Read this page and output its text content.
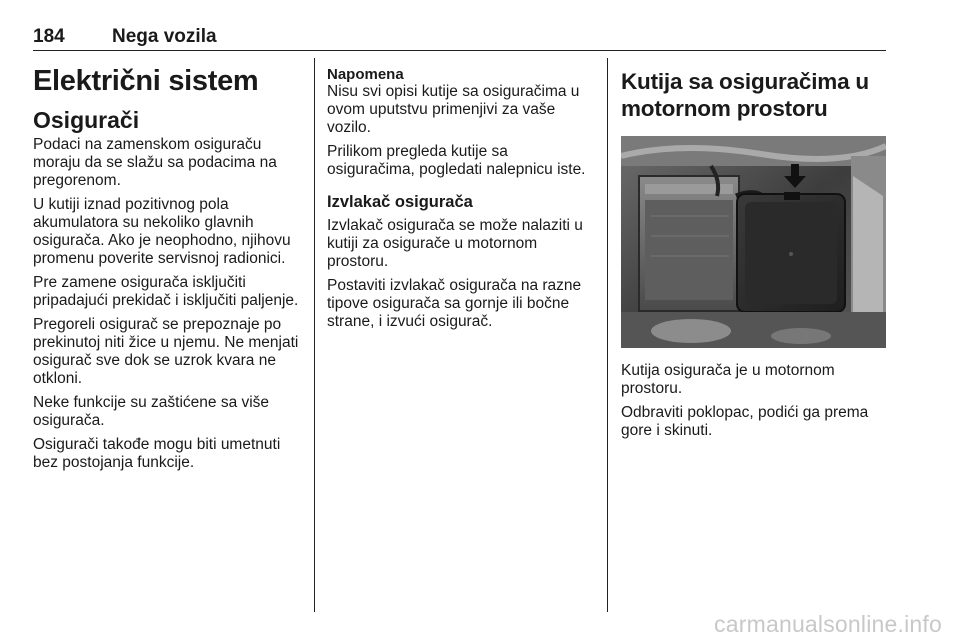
184 Nega vozila
Električni sistem
Osigurači

Podaci na zamenskom osiguraču moraju da se slažu sa podacima na pregorenom.

U kutiji iznad pozitivnog pola akumulatora su nekoliko glavnih osigurača. Ako je neophodno, njihovu promenu poverite servisnoj radionici.

Pre zamene osigurača isključiti pripadajući prekidač i isključiti paljenje.

Pregoreli osigurač se prepoznaje po prekinutoj niti žice u njemu. Ne menjati osigurač sve dok se uzrok kvara ne otkloni.

Neke funkcije su zaštićene sa više osigurača.

Osigurači takođe mogu biti umetnuti bez postojanja funkcije.

Napomena

Nisu svi opisi kutije sa osiguračima u ovom uputstvu primenjivi za vaše vozilo.

Prilikom pregleda kutije sa osiguračima, pogledati nalepnicu iste.

Izvlakač osigurača

Izvlakač osigurača se može nalaziti u kutiji za osigurače u motornom prostoru.

Postaviti izvlakač osigurača na razne tipove osigurača sa gornje ili bočne strane, i izvući osigurač.

Kutija sa osiguračima u motornom prostoru

Kutija osigurača je u motornom prostoru.

Odbraviti poklopac, podići ga prema gore i skinuti.

carmanualsonline.info
